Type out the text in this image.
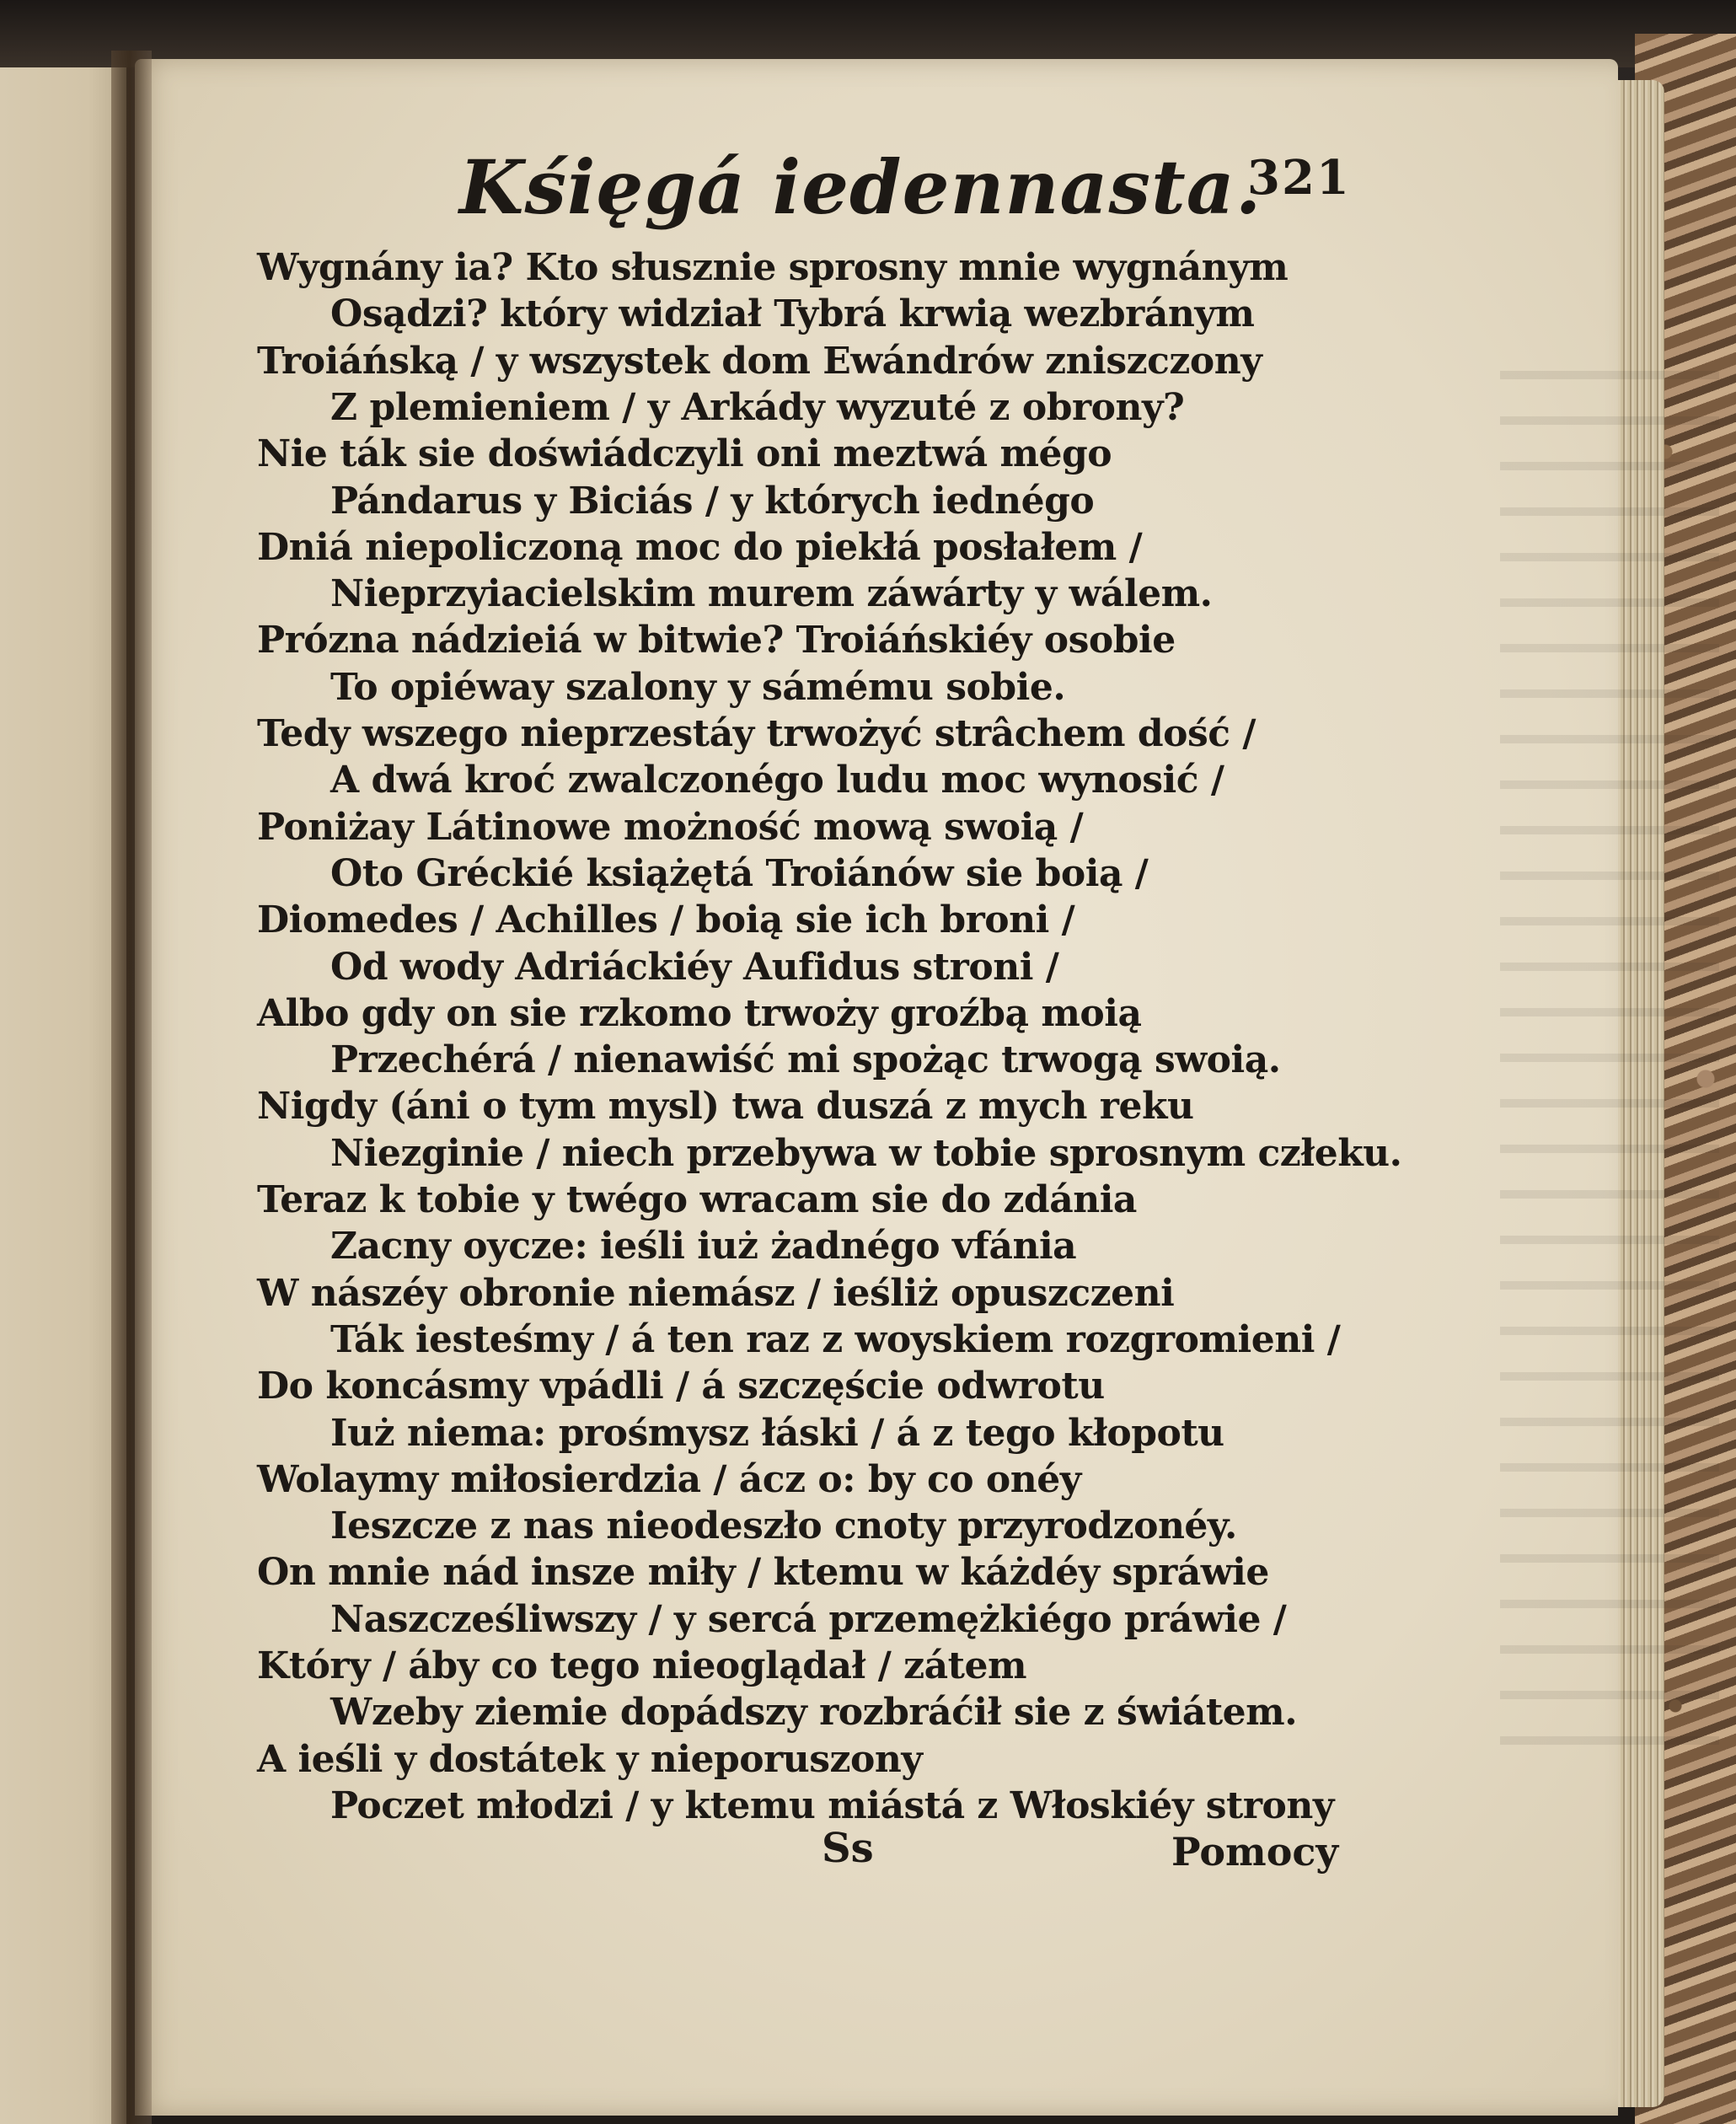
Kśięgá iedennasta.
321
Wygnány ia? Kto słusznie sprosny mnie wygnánym
Osądzi? który widział Tybrá krwią wezbránym
Troiáńską / y wszystek dom Ewándrów zniszczony
Z plemieniem / y Arkády wyzuté z obrony?
Nie ták sie doświádczyli oni meztwá mégo
Pándarus y Biciás / y których iednégo
Dniá niepoliczoną moc do piekłá posłałem /
Nieprzyiacielskim murem záwárty y wálem.
Prózna nádzieiá w bitwie? Troiáńskiéy osobie
To opiéway szalony y sámému sobie.
Tedy wszego nieprzestáy trwożyć strâchem dość /
A dwá kroć zwalczonégo ludu moc wynosić /
Poniżay Látinowe możność mową swoią /
Oto Gréckié książętá Troiánów sie boią /
Diomedes / Achilles / boią sie ich broni /
Od wody Adriáckiéy Aufidus stroni /
Albo gdy on sie rzkomo trwoży groźbą moią
Przechérá / nienawiść mi spożąc trwogą swoią.
Nigdy (áni o tym mysl) twa duszá z mych reku
Niezginie / niech przebywa w tobie sprosnym człeku.
Teraz k tobie y twégo wracam sie do zdánia
Zacny oycze: ieśli iuż żadnégo vfánia
W nászéy obronie niemász / ieśliż opuszczeni
Ták iesteśmy / á ten raz z woyskiem rozgromieni /
Do koncásmy vpádli / á szczęście odwrotu
Iuż niema: prośmysz łáski / á z tego kłopotu
Wolaymy miłosierdzia / ácz o: by co onéy
Ieszcze z nas nieodeszło cnoty przyrodzonéy.
On mnie nád insze miły / ktemu w káżdéy spráwie
Naszcześliwszy / y sercá przemężkiégo práwie /
Który / áby co tego nieoglądał / zátem
Wzeby ziemie dopádszy rozbráćił sie z świátem.
A ieśli y dostátek y nieporuszony
Poczet młodzi / y ktemu miástá z Włoskiéy strony
Ss	Pomocy
